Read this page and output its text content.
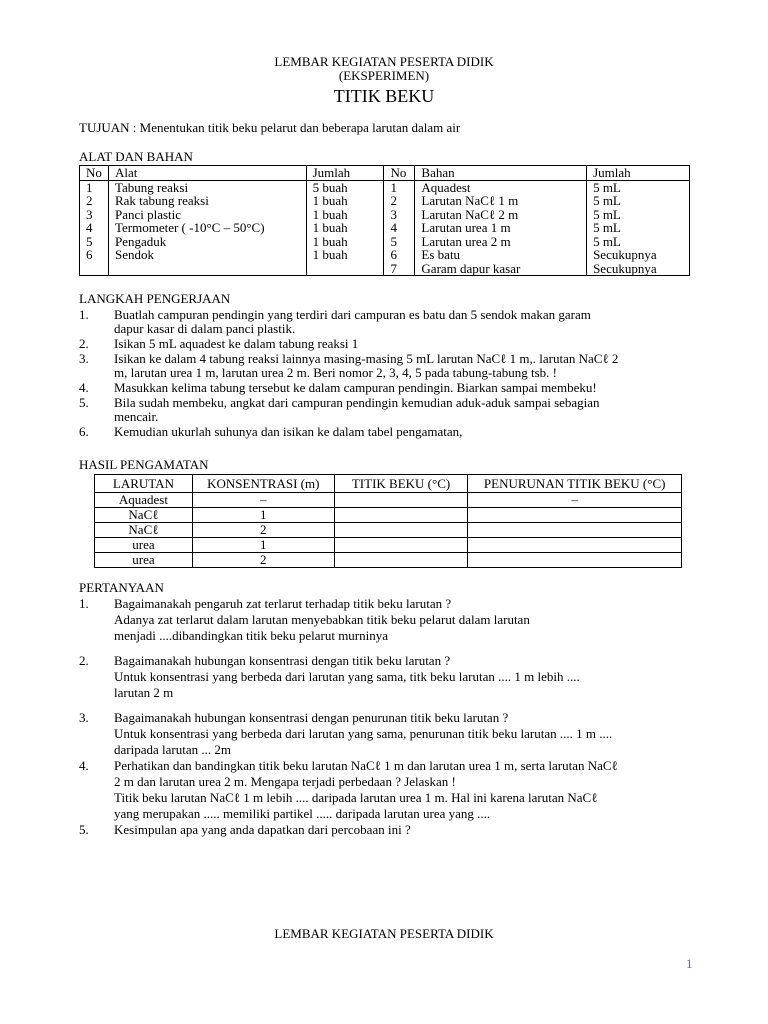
LEMBAR KEGIATAN PESERTA DIDIK
(EKSPERIMEN)
TITIK BEKU
TUJUAN : Menentukan titik beku pelarut dan beberapa larutan dalam air
ALAT DAN BAHAN
No	Alat	Jumlah	No	Bahan	Jumlah
1	Tabung reaksi	5 buah	1	Aquadest	5 mL
2	Rak tabung reaksi	1 buah	2	Larutan NaCℓ 1 m	5 mL
3	Panci plastic	1 buah	3	Larutan NaCℓ 2 m	5 mL
4	Termometer ( -10°C – 50°C)	1 buah	4	Larutan urea 1 m	5 mL
5	Pengaduk	1 buah	5	Larutan urea 2 m	5 mL
6	Sendok	1 buah	6	Es batu	Secukupnya
			7	Garam dapur kasar	Secukupnya
LANGKAH PENGERJAAN
1. Buatlah campuran pendingin yang terdiri dari campuran es batu dan 5 sendok makan garam
dapur kasar di dalam panci plastik.
2. Isikan 5 mL aquadest ke dalam tabung reaksi 1
3. Isikan ke dalam 4 tabung reaksi lainnya masing-masing 5 mL larutan NaCℓ 1 m,. larutan NaCℓ 2
m, larutan urea 1 m, larutan urea 2 m. Beri nomor 2, 3, 4, 5 pada tabung-tabung tsb. !
4. Masukkan kelima tabung tersebut ke dalam campuran pendingin. Biarkan sampai membeku!
5. Bila sudah membeku, angkat dari campuran pendingin kemudian aduk-aduk sampai sebagian
mencair.
6. Kemudian ukurlah suhunya dan isikan ke dalam tabel pengamatan,
HASIL PENGAMATAN
LARUTAN	KONSENTRASI (m)	TITIK BEKU (°C)	PENURUNAN TITIK BEKU (°C)
Aquadest	–		–
NaCℓ	1		
NaCℓ	2		
urea	1		
urea	2		
PERTANYAAN
1. Bagaimanakah pengaruh zat terlarut terhadap titik beku larutan ?
Adanya zat terlarut dalam larutan menyebabkan titik beku pelarut dalam larutan
menjadi ....dibandingkan titik beku pelarut murninya
2. Bagaimanakah hubungan konsentrasi dengan titik beku larutan ?
Untuk konsentrasi yang berbeda dari larutan yang sama, titk beku larutan .... 1 m lebih ....
larutan 2 m
3. Bagaimanakah hubungan konsentrasi dengan penurunan titik beku larutan ?
Untuk konsentrasi yang berbeda dari larutan yang sama, penurunan titik beku larutan .... 1 m ....
daripada larutan ... 2m
4. Perhatikan dan bandingkan titik beku larutan NaCℓ 1 m dan larutan urea 1 m, serta larutan NaCℓ
2 m dan larutan urea 2 m. Mengapa terjadi perbedaan ? Jelaskan !
Titik beku larutan NaCℓ 1 m lebih .... daripada larutan urea 1 m. Hal ini karena larutan NaCℓ
yang merupakan ..... memiliki partikel ..... daripada larutan urea yang ....
5. Kesimpulan apa yang anda dapatkan dari percobaan ini ?
LEMBAR KEGIATAN PESERTA DIDIK
1
